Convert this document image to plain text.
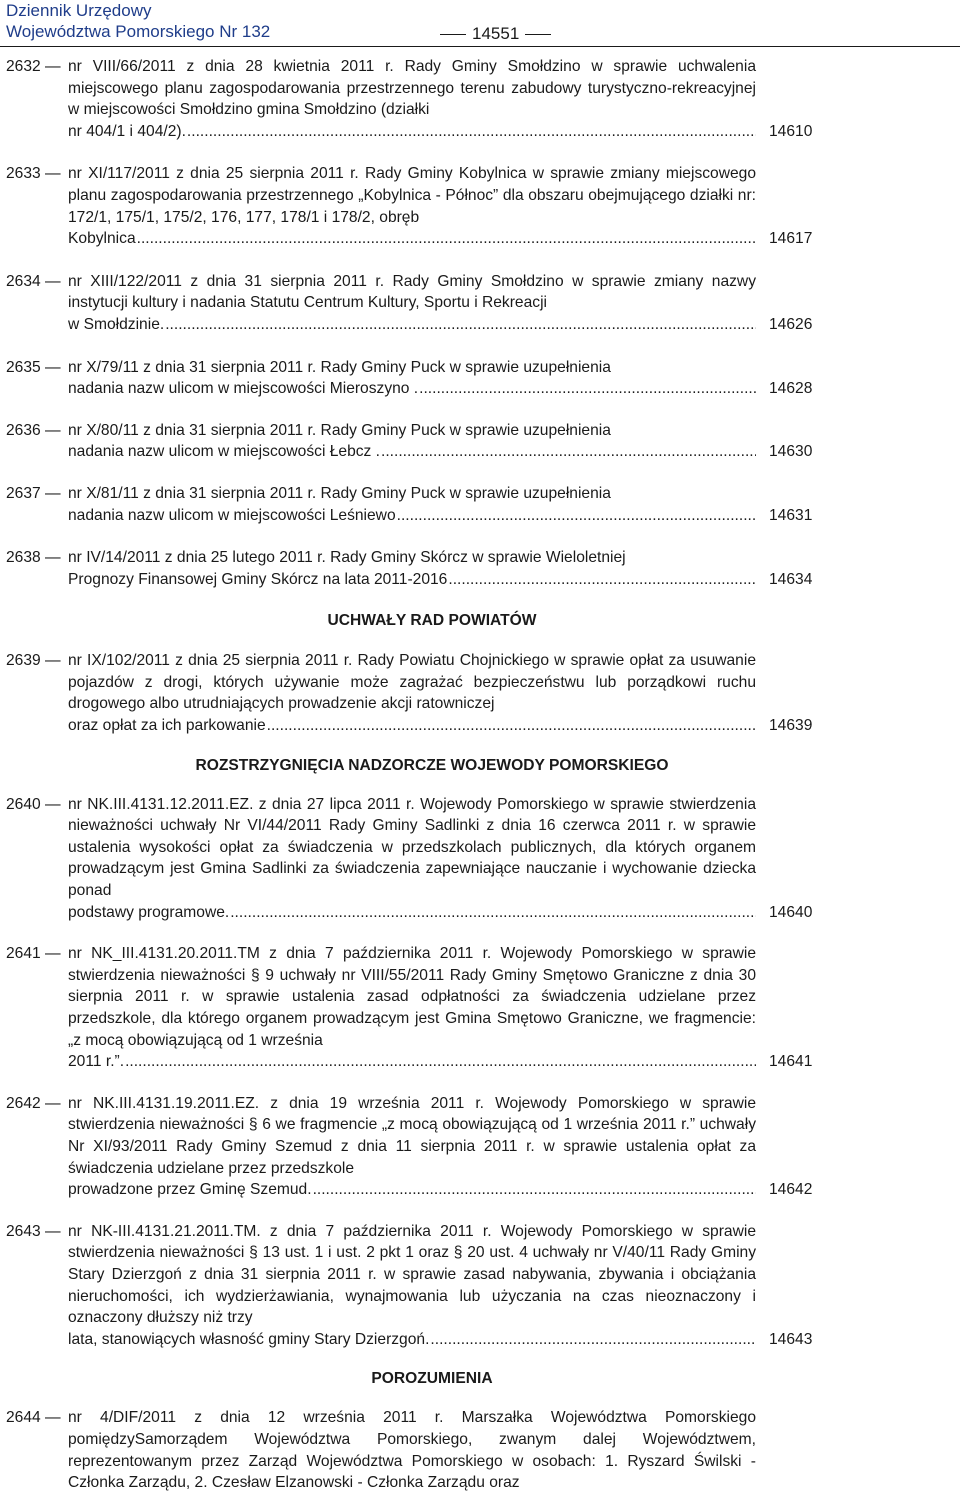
Dziennik Urzędowy
Województwa Pomorskiego Nr 132	14551
2632 —	nr VIII/66/2011 z dnia 28 kwietnia 2011 r. Rady Gminy Smołdzino w sprawie uchwalenia miejscowego planu zagospodarowania przestrzennego terenu zabudowy turystyczno-rekreacyjnej w miejscowości Smołdzino gmina Smołdzino (działki
nr 404/1 i 404/2). .....	14610
2633 —	nr XI/117/2011 z dnia 25 sierpnia 2011 r. Rady Gminy Kobylnica w sprawie zmiany miejscowego planu zagospodarowania przestrzennego „Kobylnica - Północ” dla obszaru obejmującego działki nr: 172/1, 175/1, 175/2, 176, 177, 178/1 i 178/2, obręb
Kobylnica .....	14617
2634 —	nr XIII/122/2011 z dnia 31 sierpnia 2011 r. Rady Gminy Smołdzino w sprawie zmiany nazwy instytucji kultury i nadania Statutu Centrum Kultury, Sportu i Rekreacji
w Smołdzinie. .....	14626
2635 —	nr X/79/11 z dnia 31 sierpnia 2011 r. Rady Gminy Puck w sprawie uzupełnienia
nadania nazw ulicom w miejscowości Mieroszyno . .....	14628
2636 —	nr X/80/11 z dnia 31 sierpnia 2011 r. Rady Gminy Puck w sprawie uzupełnienia
nadania nazw ulicom w miejscowości Łebcz . .....	14630
2637 —	nr X/81/11 z dnia 31 sierpnia 2011 r. Rady Gminy Puck w sprawie uzupełnienia
nadania nazw ulicom w miejscowości Leśniewo .....	14631
2638 —	nr IV/14/2011 z dnia 25 lutego 2011 r. Rady Gminy Skórcz w sprawie Wieloletniej
Prognozy Finansowej Gminy Skórcz na lata 2011-2016 .....	14634
UCHWAŁY RAD POWIATÓW
2639 —	nr IX/102/2011 z dnia 25 sierpnia 2011 r. Rady Powiatu Chojnickiego w sprawie opłat za usuwanie pojazdów z drogi, których używanie może zagrażać bezpieczeństwu lub porządkowi ruchu drogowego albo utrudniających prowadzenie akcji ratowniczej
oraz opłat za ich parkowanie .....	14639
ROZSTRZYGNIĘCIA NADZORCZE WOJEWODY POMORSKIEGO
2640 —	nr NK.III.4131.12.2011.EZ. z dnia 27 lipca 2011 r. Wojewody Pomorskiego w sprawie stwierdzenia nieważności uchwały Nr VI/44/2011 Rady Gminy Sadlinki z dnia 16 czerwca 2011 r. w sprawie ustalenia wysokości opłat za świadczenia w przedszkolach publicznych, dla których organem prowadzącym jest Gmina Sadlinki za świadczenia zapewniające nauczanie i wychowanie dziecka ponad
podstawy programowe. .....	14640
2641 —	nr NK_III.4131.20.2011.TM z dnia 7 października 2011 r. Wojewody Pomorskiego w sprawie stwierdzenia nieważności § 9 uchwały nr VIII/55/2011 Rady Gminy Smętowo Graniczne z dnia 30 sierpnia 2011 r. w sprawie ustalenia zasad odpłatności za świadczenia udzielane przez przedszkole, dla którego organem prowadzącym jest Gmina Smętowo Graniczne, we fragmencie: „z mocą obowiązującą od 1 września
2011 r.”. .....	14641
2642 —	nr NK.III.4131.19.2011.EZ. z dnia 19 września 2011 r. Wojewody Pomorskiego w sprawie stwierdzenia nieważności § 6 we fragmencie „z mocą obowiązującą od 1 września 2011 r.” uchwały Nr XI/93/2011 Rady Gminy Szemud z dnia 11 sierpnia 2011 r. w sprawie ustalenia opłat za świadczenia udzielane przez przedszkole
prowadzone przez Gminę Szemud. .....	14642
2643 —	nr NK-III.4131.21.2011.TM. z dnia 7 października 2011 r. Wojewody Pomorskiego w sprawie stwierdzenia nieważności § 13 ust. 1 i ust. 2 pkt 1 oraz § 20 ust. 4 uchwały nr V/40/11 Rady Gminy Stary Dzierzgoń z dnia 31 sierpnia 2011 r. w sprawie zasad nabywania, zbywania i obciążania nieruchomości, ich wydzierżawiania, wynajmowania lub użyczania na czas nieoznaczony i oznaczony dłuższy niż trzy
lata, stanowiących własność gminy Stary Dzierzgoń. .....	14643
POROZUMIENIA
2644 —	nr 4/DIF/2011 z dnia 12 września 2011 r. Marszałka Województwa Pomorskiego pomiędzySamorządem Województwa Pomorskiego, zwanym dalej Województwem, reprezentowanym przez Zarząd Województwa Pomorskiego w osobach: 1. Ryszard Świlski - Członka Zarządu, 2. Czesław Elzanowski - Członka Zarządu oraz
